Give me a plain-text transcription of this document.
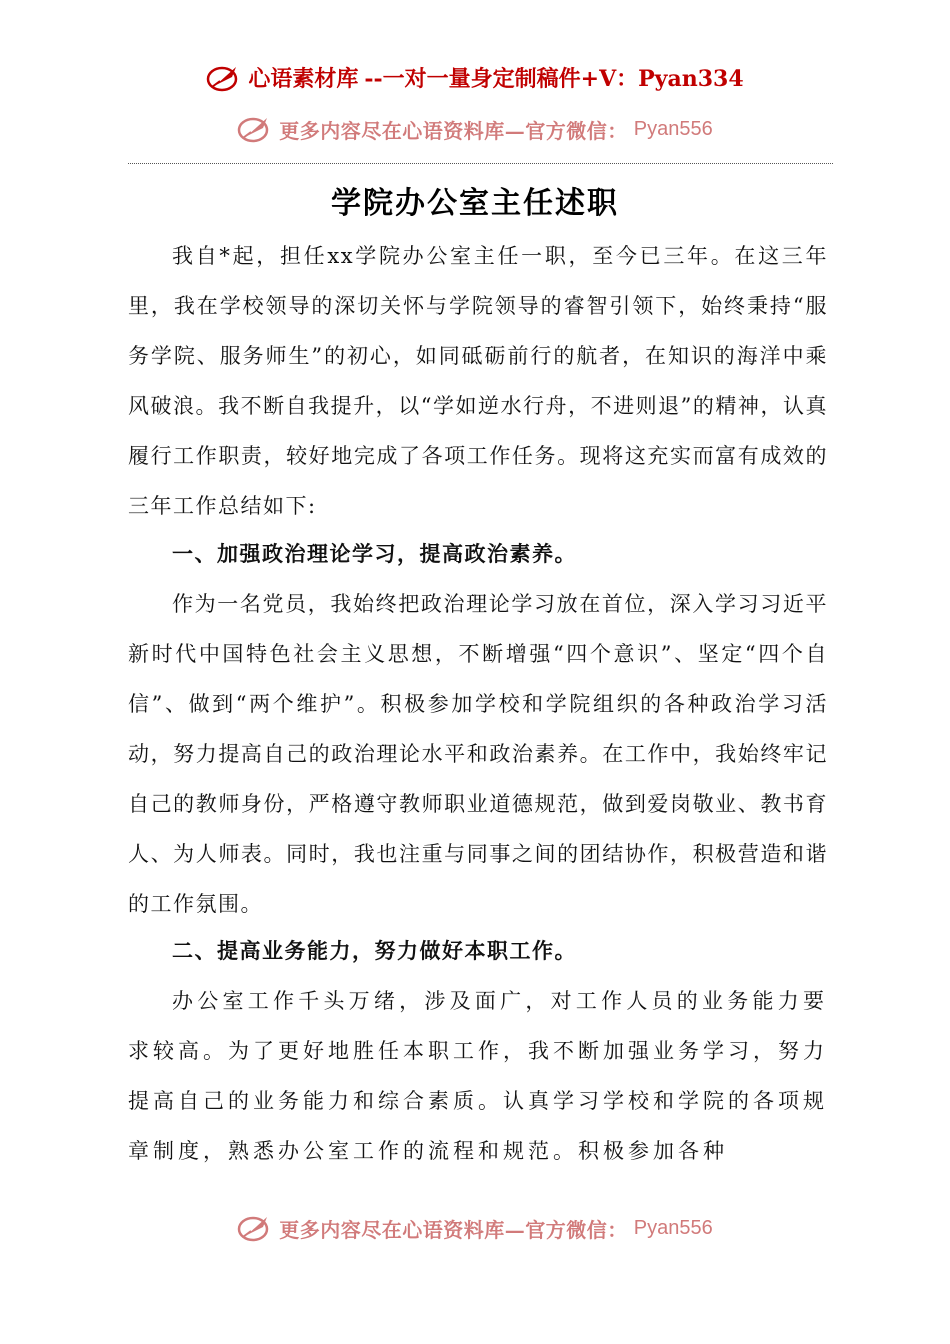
心语素材库 --一对一量身定制稿件+V：Pyan334
更多内容尽在心语资料库—官方微信： Pyan556
学院办公室主任述职

我自*起，担任xx学院办公室主任一职，至今已三年。在这三年里，我在学校领导的深切关怀与学院领导的睿智引领下，始终秉持“服务学院、服务师生”的初心，如同砥砺前行的航者，在知识的海洋中乘风破浪。我不断自我提升，以“学如逆水行舟，不进则退”的精神，认真履行工作职责，较好地完成了各项工作任务。现将这充实而富有成效的三年工作总结如下:

一、加强政治理论学习，提高政治素养。

作为一名党员，我始终把政治理论学习放在首位，深入学习习近平新时代中国特色社会主义思想，不断增强“四个意识”、坚定“四个自信”、做到“两个维护”。积极参加学校和学院组织的各种政治学习活动，努力提高自己的政治理论水平和政治素养。在工作中，我始终牢记自己的教师身份，严格遵守教师职业道德规范，做到爱岗敬业、教书育人、为人师表。同时，我也注重与同事之间的团结协作，积极营造和谐的工作氛围。

二、提高业务能力，努力做好本职工作。

办公室工作千头万绪，涉及面广，对工作人员的业务能力要求较高。为了更好地胜任本职工作，我不断加强业务学习，努力提高自己的业务能力和综合素质。认真学习学校和学院的各项规章制度，熟悉办公室工作的流程和规范。积极参加各种

更多内容尽在心语资料库—官方微信： Pyan556
